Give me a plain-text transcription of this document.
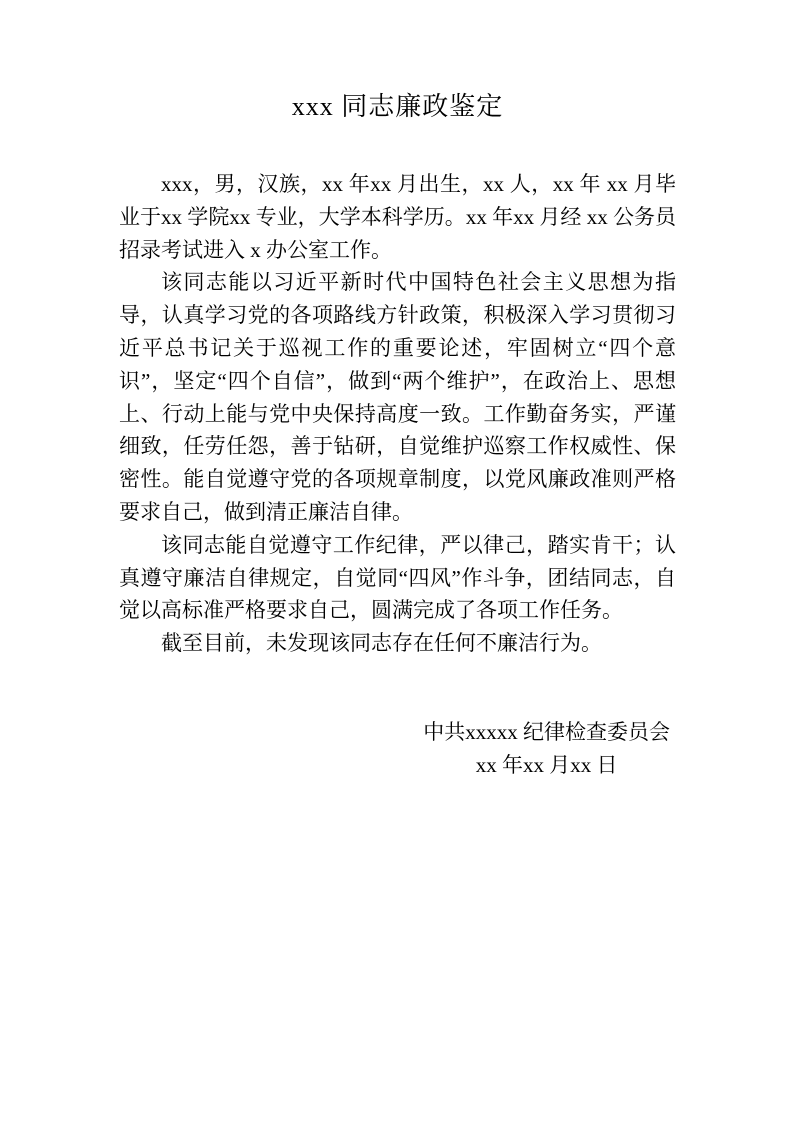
xxx 同志廉政鉴定

xxx，男，汉族，xx 年xx 月出生，xx 人，xx 年 xx 月毕业于xx 学院xx 专业，大学本科学历。xx 年xx 月经 xx 公务员招录考试进入 x 办公室工作。

该同志能以习近平新时代中国特色社会主义思想为指导，认真学习党的各项路线方针政策，积极深入学习贯彻习近平总书记关于巡视工作的重要论述，牢固树立“四个意识”，坚定“四个自信”，做到“两个维护”，在政治上、思想上、行动上能与党中央保持高度一致。工作勤奋务实，严谨细致，任劳任怨，善于钻研，自觉维护巡察工作权威性、保密性。能自觉遵守党的各项规章制度，以党风廉政准则严格要求自己，做到清正廉洁自律。

该同志能自觉遵守工作纪律，严以律己，踏实肯干；认真遵守廉洁自律规定，自觉同“四风”作斗争，团结同志，自觉以高标准严格要求自己，圆满完成了各项工作任务。

截至目前，未发现该同志存在任何不廉洁行为。

中共xxxxx 纪律检查委员会
xx 年xx 月xx 日
